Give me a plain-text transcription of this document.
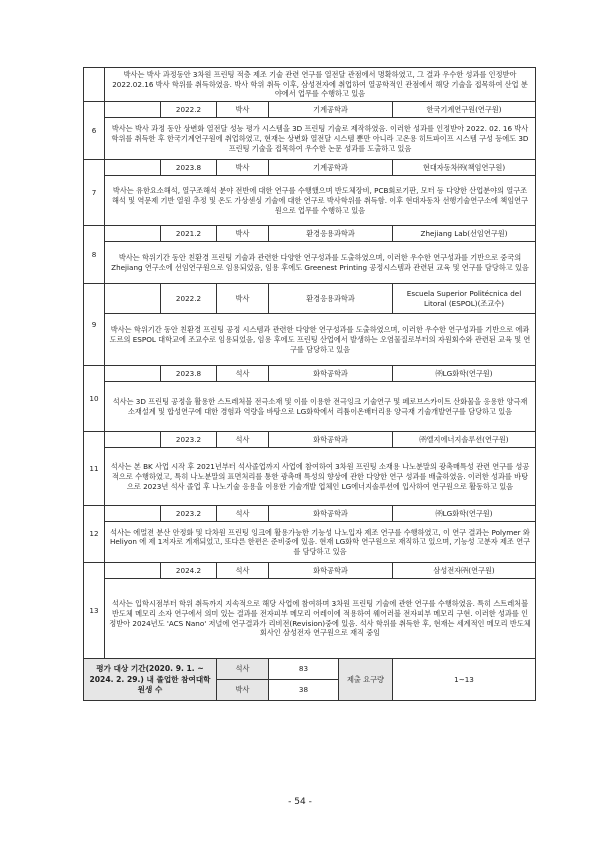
	박사는 박사 과정동안 3차원 프린팅 적층 제조 기술 관련 연구를 열전달 관점에서 명확하였고, 그 결과 우수한 성과를 인정받아 2022.02.16 박사 학위를 취득하였음. 박사 학위 취득 이후, 삼성전자에 취업하여 열공학적인 관점에서 해당 기술을 접목하여 산업 분야에서 업무를 수행하고 있음					
6		2022.2	박사	기계공학과		한국기계연구원(연구원)
	박사는 박사 과정 동안 상변화 열전달 성능 평가 시스템을 3D 프린팅 기술로 제작하였음. 이러한 성과를 인정받아 2022. 02. 16 박사 학위를 취득한 후 한국기계연구원에 취업하였고, 현재는 상변화 열전달 시스템 뿐만 아니라 고온용 히트파이프 시스템 구성 등에도 3D 프린팅 기술을 접목하여 우수한 논문 성과를 도출하고 있음					
7		2023.8	박사	기계공학과		현대자동차㈜(책임연구원)
	박사는 유한요소해석, 열구조해석 분야 전반에 대한 연구를 수행했으며 반도체장비, PCB회로기판, 모터 등 다양한 산업분야의 열구조 해석 및 역문제 기반 열원 추정 및 온도 가상센싱 기술에 대한 연구로 박사학위를 취득함. 이후 현대자동차 선행기술연구소에 책임연구원으로 업무를 수행하고 있음					
8		2021.2	박사	환경응용과학과		Zhejiang Lab(선임연구원)
	박사는 학위기간 동안 친환경 프린팅 기술과 관련한 다양한 연구성과를 도출하였으며, 이러한 우수한 연구성과를 기반으로 중국의 Zhejiang 연구소에 선임연구원으로 임용되었음, 임용 후에도 Greenest Printing 공정시스템과 관련된 교육 및 연구를 담당하고 있음					
9		2022.2	박사	환경응용과학과		Escuela Superior Politécnica del Litoral (ESPOL)(조교수)
	박사는 학위기간 동안 친환경 프린팅 공정 시스템과 관련한 다양한 연구성과를 도출하였으며, 이러한 우수한 연구성과를 기반으로 에콰도르의 ESPOL 대학교에 조교수로 임용되었음, 임용 후에도 프린팅 산업에서 발생하는 오염물질로부터의 자원회수와 관련된 교육 및 연구를 담당하고 있음					
10		2023.8	석사	화학공학과		㈜LG화학(연구원)
	석사는 3D 프린팅 공정을 활용한 스트레처블 전극소재 및 이를 이용한 전극잉크 기술연구 및 페로브스카이트 산화물을 응용한 양극재 소재설계 및 합성연구에 대한 경험과 역량을 바탕으로 LG화학에서 리튬이온배터리용 양극재 기술개발연구를 담당하고 있음					
11		2023.2	석사	화학공학과		㈜엘지에너지솔루션(연구원)
	석사는 본 BK 사업 시작 후 2021년부터 석사졸업까지 사업에 참여하여 3차원 프린팅 소재용 나노분말의 광촉매특성 관련 연구를 성공적으로 수행하였고, 특히 나노분말의 표면처리를 통한 광촉매 특성의 향상에 관한 다양한 연구 성과를 배출하였음. 이러한 성과를 바탕으로 2023년 석사 졸업 후 나노기술 응용을 이용한 기술개발 업체인 LG에너지솔루션에 입사하여 연구원으로 활동하고 있음					
12		2023.2	석사	화학공학과		㈜LG화학(연구원)
	석사는 에멀젼 분산 안정화 및 다차원 프린팅 잉크에 활용가능한 기능성 나노입자 제조 연구를 수행하였고, 이 연구 결과는 Polymer 와 Heliyon 에 제 1저자로 게재되었고, 또다른 한편은 준비중에 있음. 현재 LG화학 연구원으로 재직하고 있으며, 기능성 고분자 제조 연구를 담당하고 있음					
13		2024.2	석사	화학공학과		삼성전자㈜(연구원)
	석사는 입학시점부터 학위 취득까지 지속적으로 해당 사업에 참여하며 3차원 프린팅 기술에 관한 연구를 수행하였음. 특히 스트레처블 반도체 메모리 소자 연구에서 의미 있는 결과를 전자피부 메모리 어레이에 적용하여 웨어러블 전자피부 메모리 구현. 이러한 성과를 인정받아 2024년도 'ACS Nano' 저널에 연구결과가 리비전(Revision)중에 있음. 석사 학위를 취득한 후, 현재는 세계적인 메모리 반도체 회사인 삼성전자 연구원으로 재직 중임					
평가 대상 기간(2020. 9. 1. ~ 2024. 2. 29.) 내 졸업한 참여대학원생 수			석사	83	제출 요구량	1~13
			박사	38		
- 54 -
